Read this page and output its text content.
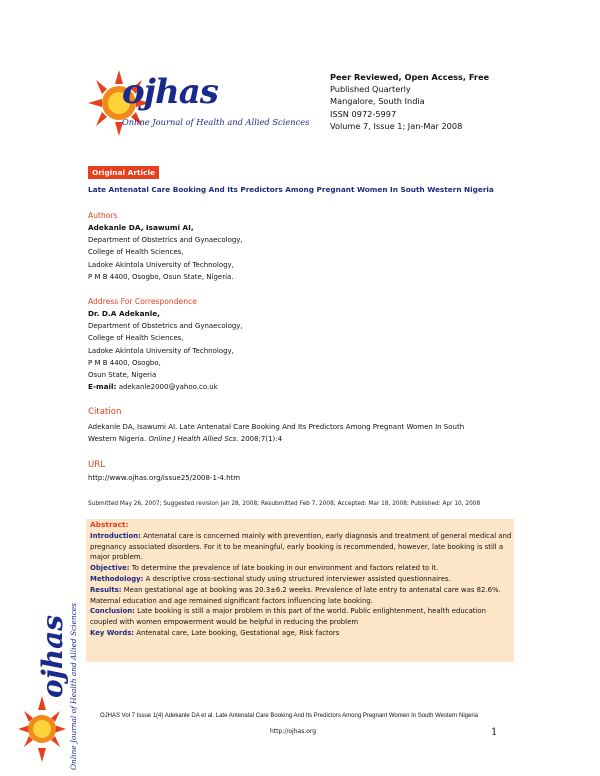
ojhas
Online Journal of Health and Allied Sciences
Peer Reviewed, Open Access, Free
Published Quarterly
Mangalore, South India
ISSN 0972-5997
Volume 7, Issue 1; Jan-Mar 2008
Original Article
Late Antenatal Care Booking And Its Predictors Among Pregnant Women In South Western Nigeria
Authors
Adekanle DA, Isawumi AI,
Department of Obstetrics and Gynaecology,
College of Health Sciences,
Ladoke Akintola University of Technology,
P M B 4400, Osogbo, Osun State, Nigeria.
Address For Correspondence
Dr. D.A Adekanle,
Department of Obstetrics and Gynaecology,
College of Health Sciences,
Ladoke Akintola University of Technology,
P M B 4400, Osogbo,
Osun State, Nigeria
E-mail: adekanle2000@yahoo.co.uk
Citation
Adekanle DA, Isawumi AI. Late Antenatal Care Booking And Its Predictors Among Pregnant Women In South
Western Nigeria. Online J Health Allied Scs. 2008;7(1):4
URL
http://www.ojhas.org/issue25/2008-1-4.htm
Submitted May 26, 2007; Suggested revision Jan 28, 2008; Resubmitted Feb 7, 2008; Accepted: Mar 18, 2008; Published: Apr 10, 2008
Abstract:
Introduction: Antenatal care is concerned mainly with prevention, early diagnosis and treatment of general medical and pregnancy associated disorders. For it to be meaningful, early booking is recommended, however, late booking is still a major problem.
Objective: To determine the prevalence of late booking in our environment and factors related to it.
Methodology: A descriptive cross-sectional study using structured interviewer assisted questionnaires.
Results: Mean gestational age at booking was 20.3±6.2 weeks. Prevalence of late entry to antenatal care was 82.6%. Maternal education and age remained significant factors influencing late booking.
Conclusion: Late booking is still a major problem in this part of the world. Public enlightenment, health education coupled with women empowerment would be helpful in reducing the problem
Key Words: Antenatal care, Late booking, Gestational age, Risk factors
ojhas Online Journal of Health and Allied Sciences	OJHAS Vol 7 Issue 1(4) Adekanle DA et al. Late Antenatal Care Booking And Its Predictors Among Pregnant Women In South Western Nigeria
http://ojhas.org	1
